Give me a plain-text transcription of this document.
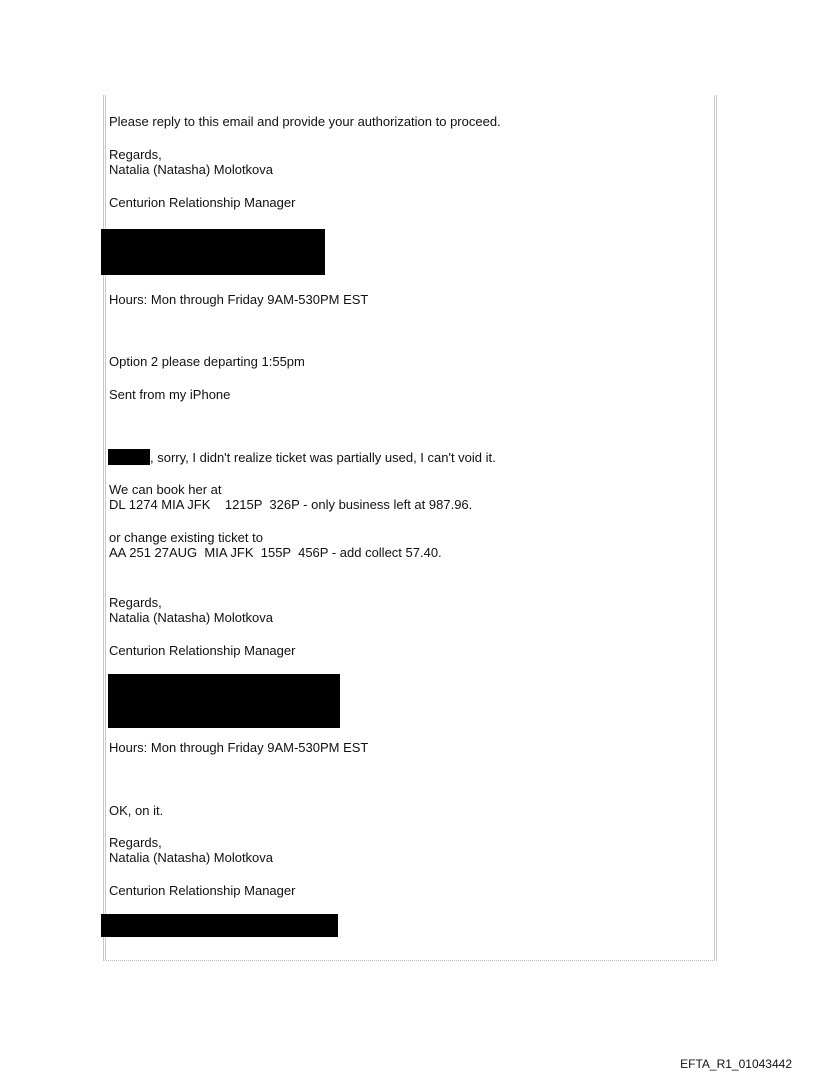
Please reply to this email and provide your authorization to proceed.
Regards,
Natalia (Natasha) Molotkova
Centurion Relationship Manager
Hours: Mon through Friday 9AM-530PM EST
Option 2 please departing 1:55pm
Sent from my iPhone
, sorry, I didn't realize ticket was partially used, I can't void it.
We can book her at
DL 1274 MIA JFK    1215P  326P - only business left at 987.96.
or change existing ticket to
AA 251 27AUG  MIA JFK  155P  456P - add collect 57.40.
Regards,
Natalia (Natasha) Molotkova
Centurion Relationship Manager
Hours: Mon through Friday 9AM-530PM EST
OK, on it.
Regards,
Natalia (Natasha) Molotkova
Centurion Relationship Manager
EFTA_R1_01043442
